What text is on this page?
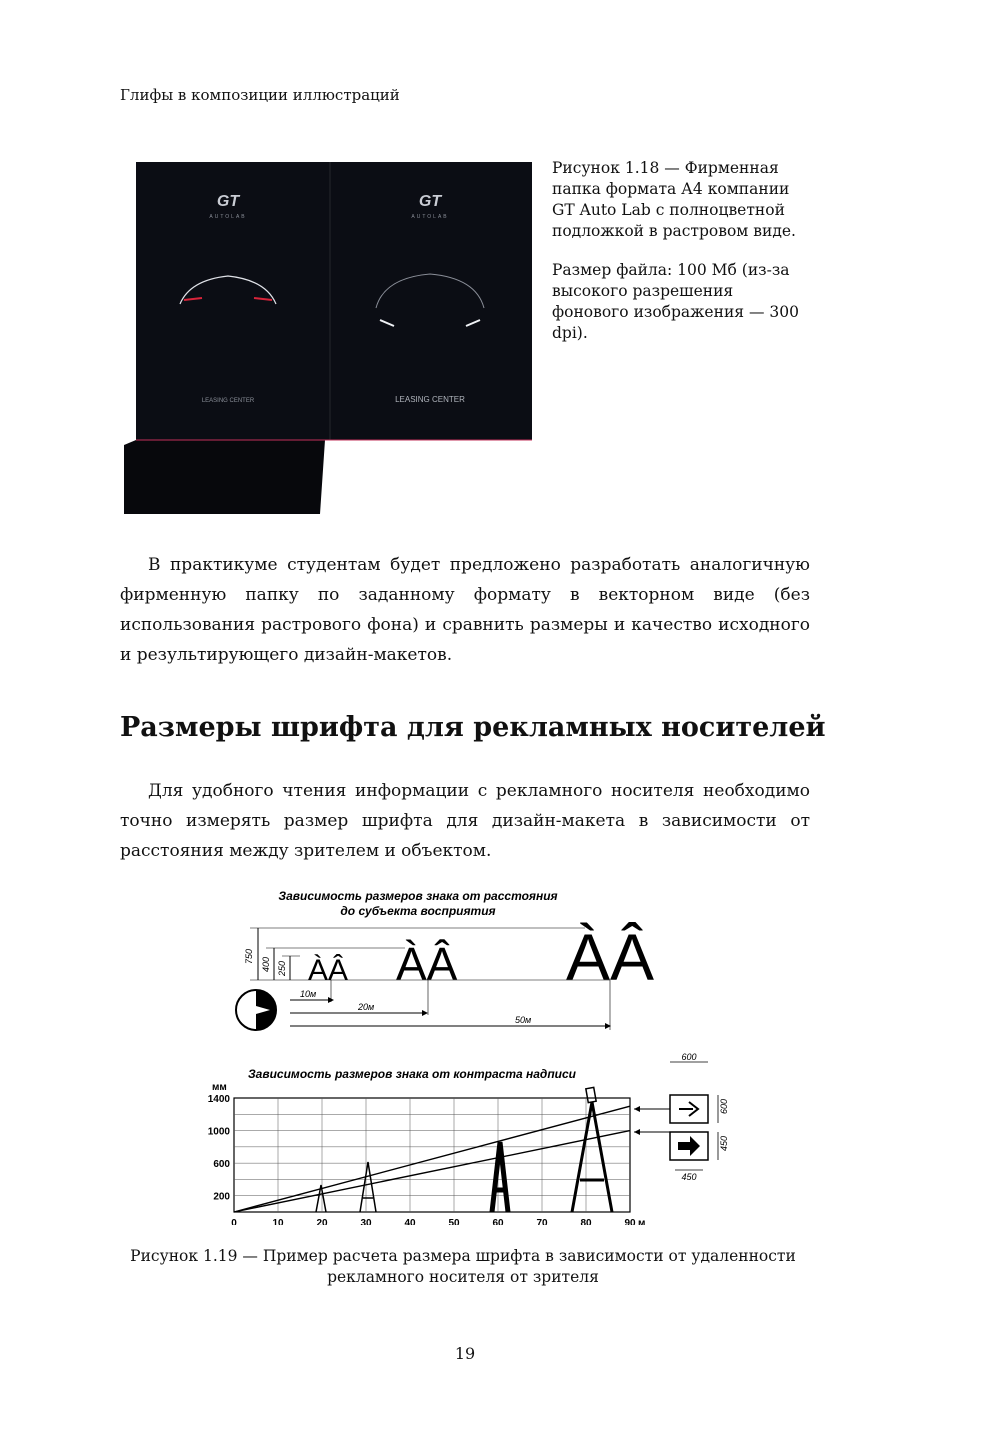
Глифы в композиции иллюстраций
GT
AUTOLAB
GT
AUTOLAB
LEASING CENTER	LEASING CENTER

Рисунок 1.18 — Фирменная папка формата А4 компании GT Auto Lab с полноцветной подложкой в растровом виде.

Размер файла: 100 Мб (из-за высокого разрешения фонового изображения — 300 dpi).

В практикуме студентам будет предложено разработать аналогичную фирменную папку по заданному формату в векторном виде (без использования растрового фона) и сравнить размеры и качество исходного и результирующего дизайн-макетов.

Размеры шрифта для рекламных носителей

Для удобного чтения информации с рекламного носителя необходимо точно измерять размер шрифта для дизайн-макета в зависимости от расстояния между зрителем и объектом.

Зависимость размеров знака от расстояния
до субъекта восприятия
750
400 250 ÀÂ ÀÂ ÀÂ
10м
20м
50м
Зависимость размеров знака от контраста надписи
мм
м
0	10	20	30	40	50	60	70	80	90
200
600
1000
1400
600
600
450
450
Рисунок 1.19 — Пример расчета размера шрифта в зависимости от удаленности рекламного носителя от зрителя
19
